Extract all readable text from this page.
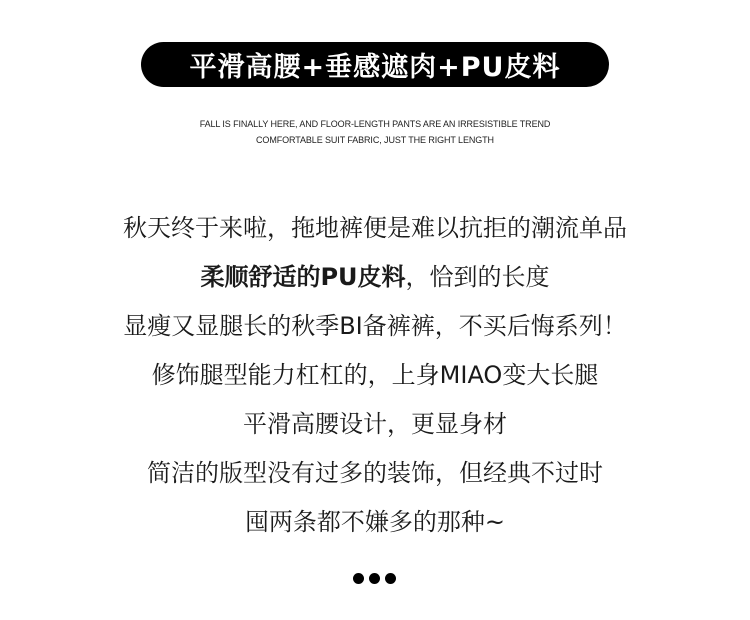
平滑高腰+垂感遮肉+PU皮料
FALL IS FINALLY HERE, AND FLOOR-LENGTH PANTS ARE AN IRRESISTIBLE TREND
COMFORTABLE SUIT FABRIC, JUST THE RIGHT LENGTH
秋天终于来啦，拖地裤便是难以抗拒的潮流单品
柔顺舒适的PU皮料，恰到的长度
显瘦又显腿长的秋季BI备裤裤，不买后悔系列！
修饰腿型能力杠杠的，上身MIAO变大长腿
平滑高腰设计，更显身材
简洁的版型没有过多的装饰，但经典不过时
囤两条都不嫌多的那种~
